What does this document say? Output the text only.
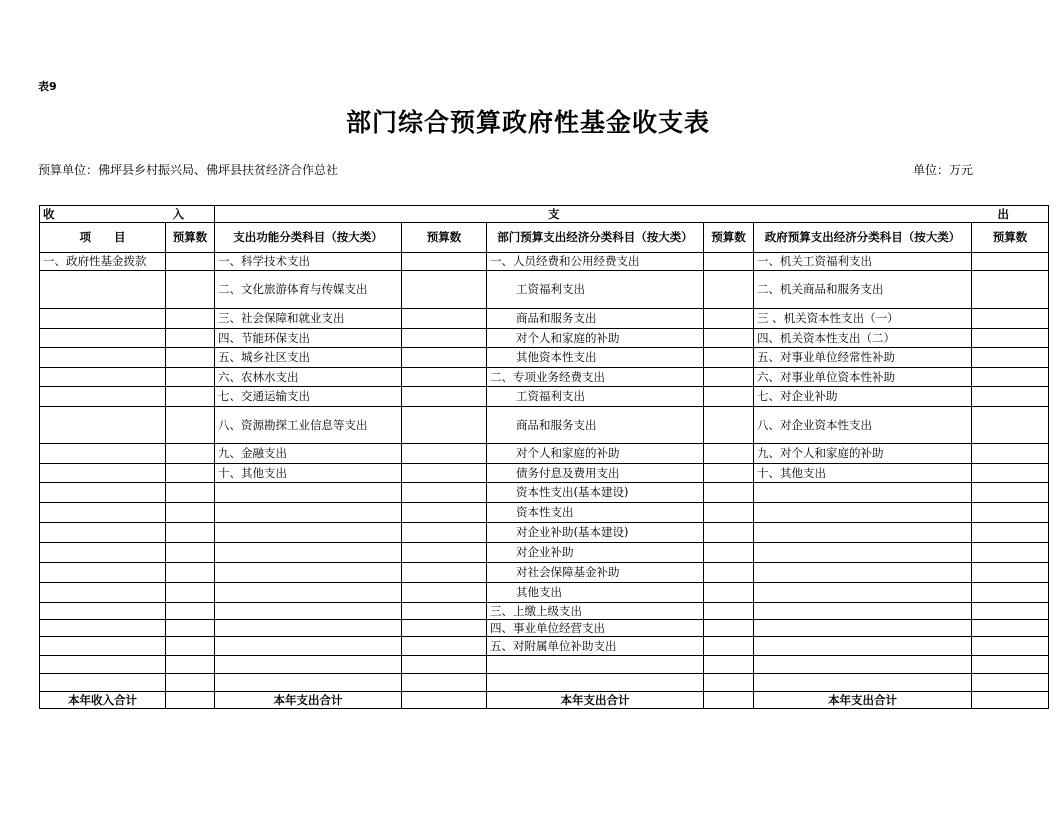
表9
部门综合预算政府性基金收支表
预算单位：佛坪县乡村振兴局、佛坪县扶贫经济合作总社	单位：万元
收 入		支 出					

项　　目	预算数	支出功能分类科目（按大类）	预算数	部门预算支出经济分类科目（按大类）	预算数	政府预算支出经济分类科目（按大类）	预算数
一、政府性基金拨款		一、科学技术支出		一、人员经费和公用经费支出		一、机关工资福利支出	
		二、文化旅游体育与传媒支出		工资福利支出		二、机关商品和服务支出	
		三、社会保障和就业支出		商品和服务支出		三 、机关资本性支出（一）	
		四、节能环保支出		对个人和家庭的补助		四、机关资本性支出（二）	
		五、城乡社区支出		其他资本性支出		五、对事业单位经常性补助	
		六、农林水支出		二、专项业务经费支出		六、对事业单位资本性补助	
		七、交通运输支出		工资福利支出		七、对企业补助	
		八、资源勘探工业信息等支出		商品和服务支出		八、对企业资本性支出	
		九、金融支出		对个人和家庭的补助		九、对个人和家庭的补助	
		十、其他支出		债务付息及费用支出		十、其他支出	
				资本性支出(基本建设)			
				资本性支出			
				对企业补助(基本建设)			
				对企业补助			
				对社会保障基金补助			
				其他支出			
				三、上缴上级支出			
				四、事业单位经营支出			
				五、对附属单位补助支出			

本年收入合计		本年支出合计		本年支出合计		本年支出合计	
